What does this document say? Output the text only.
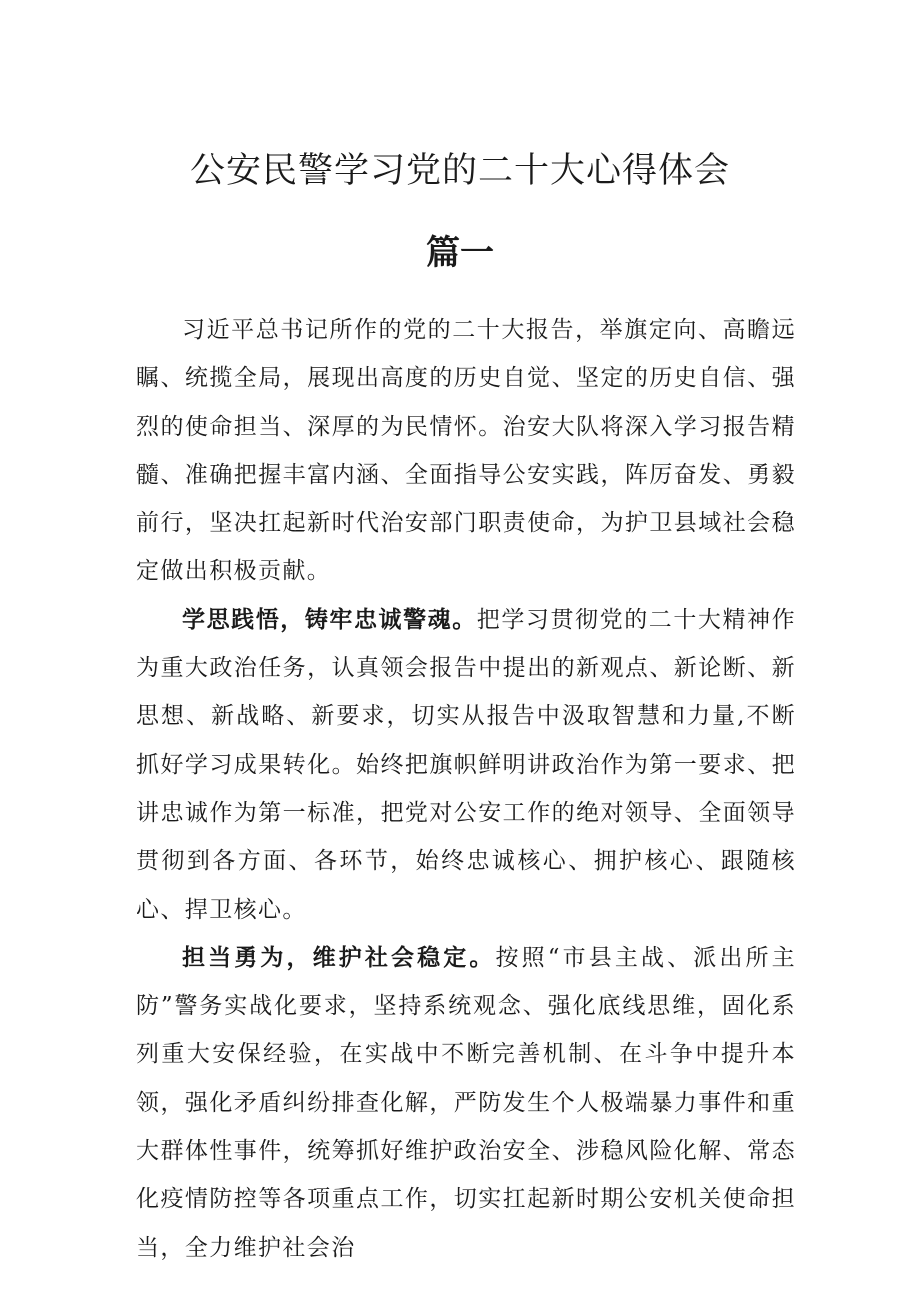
公安民警学习党的二十大心得体会
篇一

习近平总书记所作的党的二十大报告，举旗定向、高瞻远瞩、统揽全局，展现出高度的历史自觉、坚定的历史自信、强烈的使命担当、深厚的为民情怀。治安大队将深入学习报告精髓、准确把握丰富内涵、全面指导公安实践，阵厉奋发、勇毅前行，坚决扛起新时代治安部门职责使命，为护卫县域社会稳定做出积极贡献。

学思践悟，铸牢忠诚警魂。把学习贯彻党的二十大精神作为重大政治任务，认真领会报告中提出的新观点、新论断、新思想、新战略、新要求，切实从报告中汲取智慧和力量,不断抓好学习成果转化。始终把旗帜鲜明讲政治作为第一要求、把讲忠诚作为第一标准，把党对公安工作的绝对领导、全面领导贯彻到各方面、各环节，始终忠诚核心、拥护核心、跟随核心、捍卫核心。

担当勇为，维护社会稳定。按照“市县主战、派出所主防”警务实战化要求，坚持系统观念、强化底线思维，固化系列重大安保经验，在实战中不断完善机制、在斗争中提升本领，强化矛盾纠纷排查化解，严防发生个人极端暴力事件和重大群体性事件，统筹抓好维护政治安全、涉稳风险化解、常态化疫情防控等各项重点工作，切实扛起新时期公安机关使命担当，全力维护社会治
